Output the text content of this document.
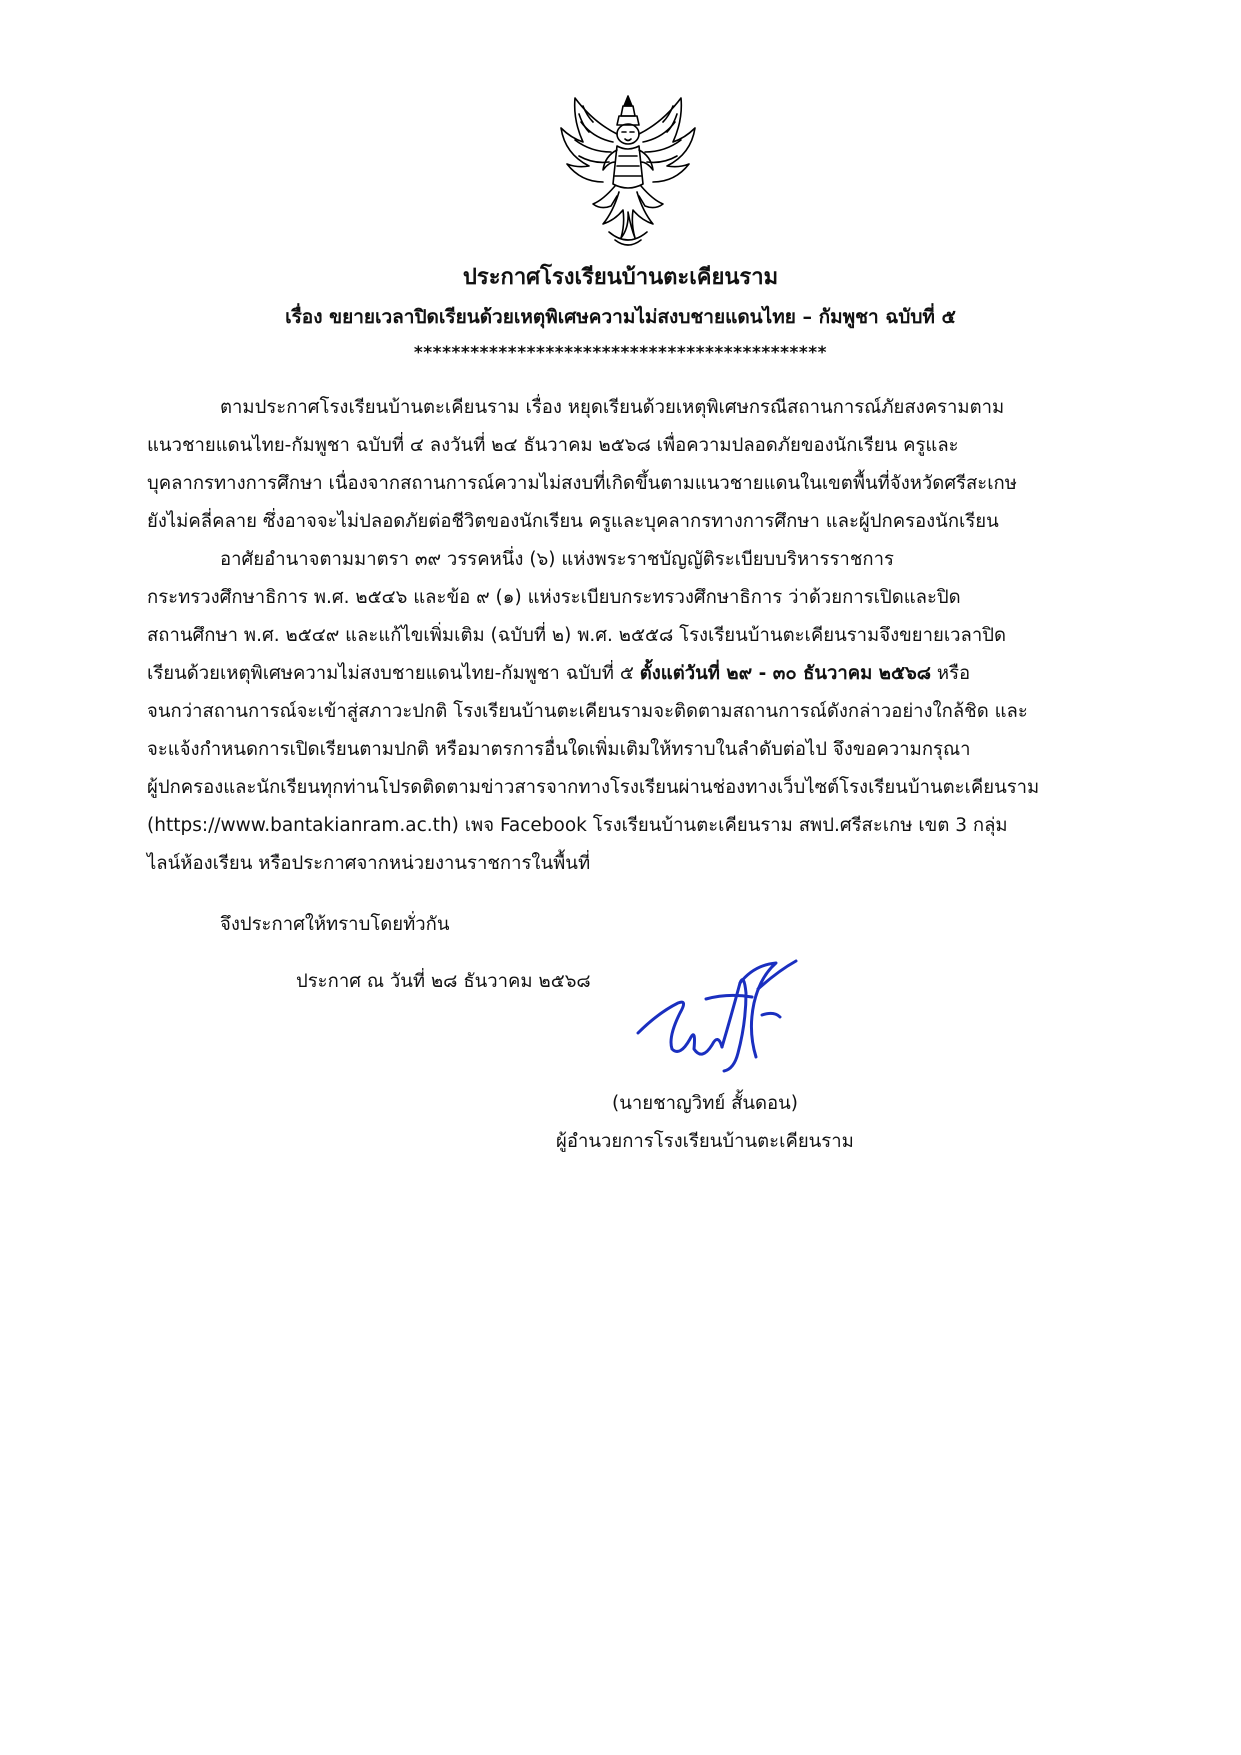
ประกาศโรงเรียนบ้านตะเคียนราม
เรื่อง ขยายเวลาปิดเรียนด้วยเหตุพิเศษความไม่สงบชายแดนไทย – กัมพูชา ฉบับที่ ๕
********************************************
ตามประกาศโรงเรียนบ้านตะเคียนราม เรื่อง หยุดเรียนด้วยเหตุพิเศษกรณีสถานการณ์ภัยสงครามตาม
แนวชายแดนไทย-กัมพูชา ฉบับที่ ๔ ลงวันที่ ๒๔ ธันวาคม ๒๕๖๘ เพื่อความปลอดภัยของนักเรียน ครูและ
บุคลากรทางการศึกษา เนื่องจากสถานการณ์ความไม่สงบที่เกิดขึ้นตามแนวชายแดนในเขตพื้นที่จังหวัดศรีสะเกษ
ยังไม่คลี่คลาย ซึ่งอาจจะไม่ปลอดภัยต่อชีวิตของนักเรียน ครูและบุคลากรทางการศึกษา และผู้ปกครองนักเรียน
อาศัยอำนาจตามมาตรา ๓๙ วรรคหนึ่ง (๖) แห่งพระราชบัญญัติระเบียบบริหารราชการ
กระทรวงศึกษาธิการ พ.ศ. ๒๕๔๖ และข้อ ๙ (๑) แห่งระเบียบกระทรวงศึกษาธิการ ว่าด้วยการเปิดและปิด
สถานศึกษา พ.ศ. ๒๕๔๙ และแก้ไขเพิ่มเติม (ฉบับที่ ๒) พ.ศ. ๒๕๕๘ โรงเรียนบ้านตะเคียนรามจึงขยายเวลาปิด
เรียนด้วยเหตุพิเศษความไม่สงบชายแดนไทย-กัมพูชา ฉบับที่ ๕ ตั้งแต่วันที่ ๒๙ - ๓๐ ธันวาคม ๒๕๖๘ หรือ
จนกว่าสถานการณ์จะเข้าสู่สภาวะปกติ โรงเรียนบ้านตะเคียนรามจะติดตามสถานการณ์ดังกล่าวอย่างใกล้ชิด และ
จะแจ้งกำหนดการเปิดเรียนตามปกติ หรือมาตรการอื่นใดเพิ่มเติมให้ทราบในลำดับต่อไป จึงขอความกรุณา
ผู้ปกครองและนักเรียนทุกท่านโปรดติดตามข่าวสารจากทางโรงเรียนผ่านช่องทางเว็บไซต์โรงเรียนบ้านตะเคียนราม
(https://www.bantakianram.ac.th) เพจ Facebook โรงเรียนบ้านตะเคียนราม สพป.ศรีสะเกษ เขต 3 กลุ่ม
ไลน์ห้องเรียน หรือประกาศจากหน่วยงานราชการในพื้นที่
จึงประกาศให้ทราบโดยทั่วกัน
ประกาศ ณ วันที่ ๒๘ ธันวาคม ๒๕๖๘
(นายชาญวิทย์ สั้นดอน)
ผู้อำนวยการโรงเรียนบ้านตะเคียนราม
